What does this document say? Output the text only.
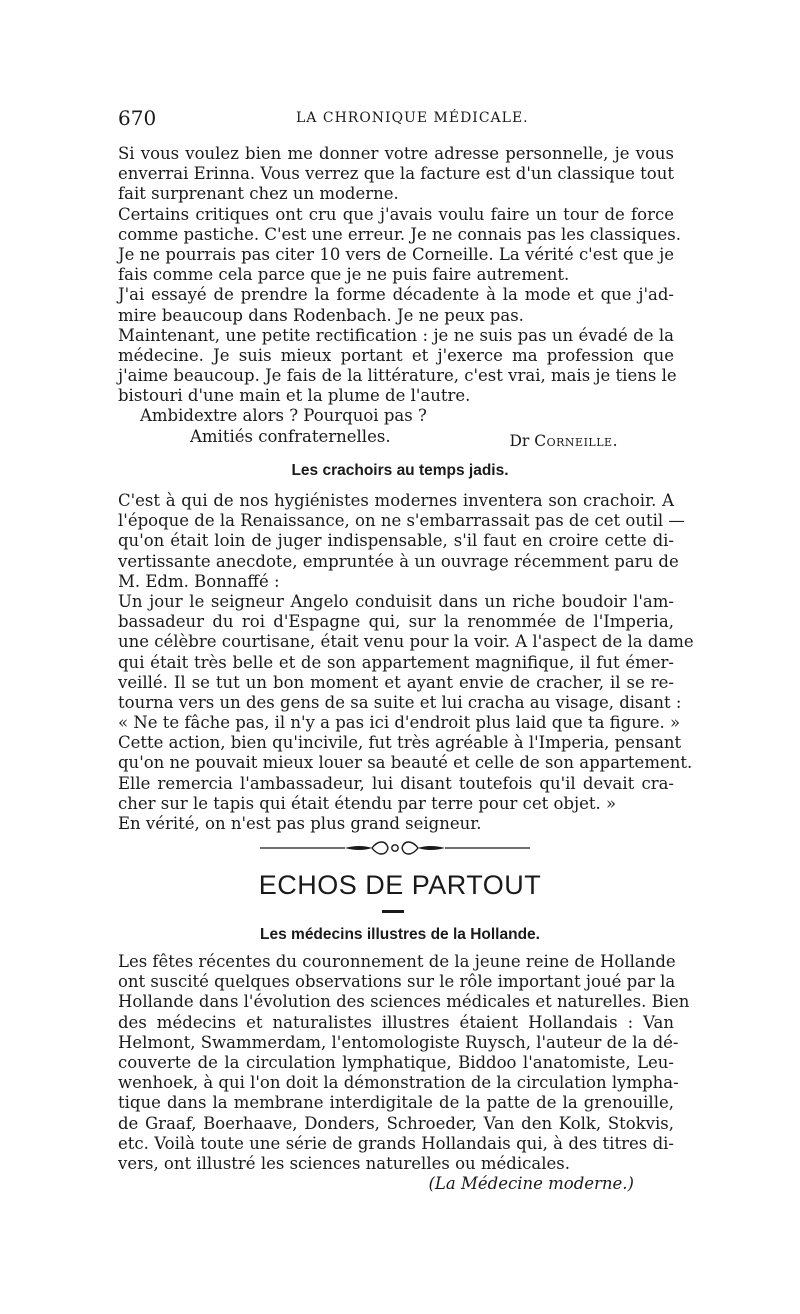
670	LA CHRONIQUE MÉDICALE.
Si vous voulez bien me donner votre adresse personnelle, je vous
enverrai Erinna. Vous verrez que la facture est d'un classique tout
fait surprenant chez un moderne.
Certains critiques ont cru que j'avais voulu faire un tour de force
comme pastiche. C'est une erreur. Je ne connais pas les classiques.
Je ne pourrais pas citer 10 vers de Corneille. La vérité c'est que je
fais comme cela parce que je ne puis faire autrement.
J'ai essayé de prendre la forme décadente à la mode et que j'ad-
mire beaucoup dans Rodenbach. Je ne peux pas.
Maintenant, une petite rectification : je ne suis pas un évadé de la
médecine. Je suis mieux portant et j'exerce ma profession que
j'aime beaucoup. Je fais de la littérature, c'est vrai, mais je tiens le
bistouri d'une main et la plume de l'autre.
Ambidextre alors ? Pourquoi pas ?
Amitiés confraternelles.	Dr Corneille.
Les crachoirs au temps jadis.
C'est à qui de nos hygiénistes modernes inventera son crachoir. A
l'époque de la Renaissance, on ne s'embarrassait pas de cet outil —
qu'on était loin de juger indispensable, s'il faut en croire cette di-
vertissante anecdote, empruntée à un ouvrage récemment paru de
M. Edm. Bonnaffé :
Un jour le seigneur Angelo conduisit dans un riche boudoir l'am-
bassadeur du roi d'Espagne qui, sur la renommée de l'Imperia,
une célèbre courtisane, était venu pour la voir. A l'aspect de la dame
qui était très belle et de son appartement magnifique, il fut émer-
veillé. Il se tut un bon moment et ayant envie de cracher, il se re-
tourna vers un des gens de sa suite et lui cracha au visage, disant :
« Ne te fâche pas, il n'y a pas ici d'endroit plus laid que ta figure. »
Cette action, bien qu'incivile, fut très agréable à l'Imperia, pensant
qu'on ne pouvait mieux louer sa beauté et celle de son appartement.
Elle remercia l'ambassadeur, lui disant toutefois qu'il devait cra-
cher sur le tapis qui était étendu par terre pour cet objet. »
En vérité, on n'est pas plus grand seigneur.
ECHOS DE PARTOUT
Les médecins illustres de la Hollande.
Les fêtes récentes du couronnement de la jeune reine de Hollande
ont suscité quelques observations sur le rôle important joué par la
Hollande dans l'évolution des sciences médicales et naturelles. Bien
des médecins et naturalistes illustres étaient Hollandais : Van
Helmont, Swammerdam, l'entomologiste Ruysch, l'auteur de la dé-
couverte de la circulation lymphatique, Biddoo l'anatomiste, Leu-
wenhoek, à qui l'on doit la démonstration de la circulation lympha-
tique dans la membrane interdigitale de la patte de la grenouille,
de Graaf, Boerhaave, Donders, Schroeder, Van den Kolk, Stokvis,
etc. Voilà toute une série de grands Hollandais qui, à des titres di-
vers, ont illustré les sciences naturelles ou médicales.
(La Médecine moderne.)
